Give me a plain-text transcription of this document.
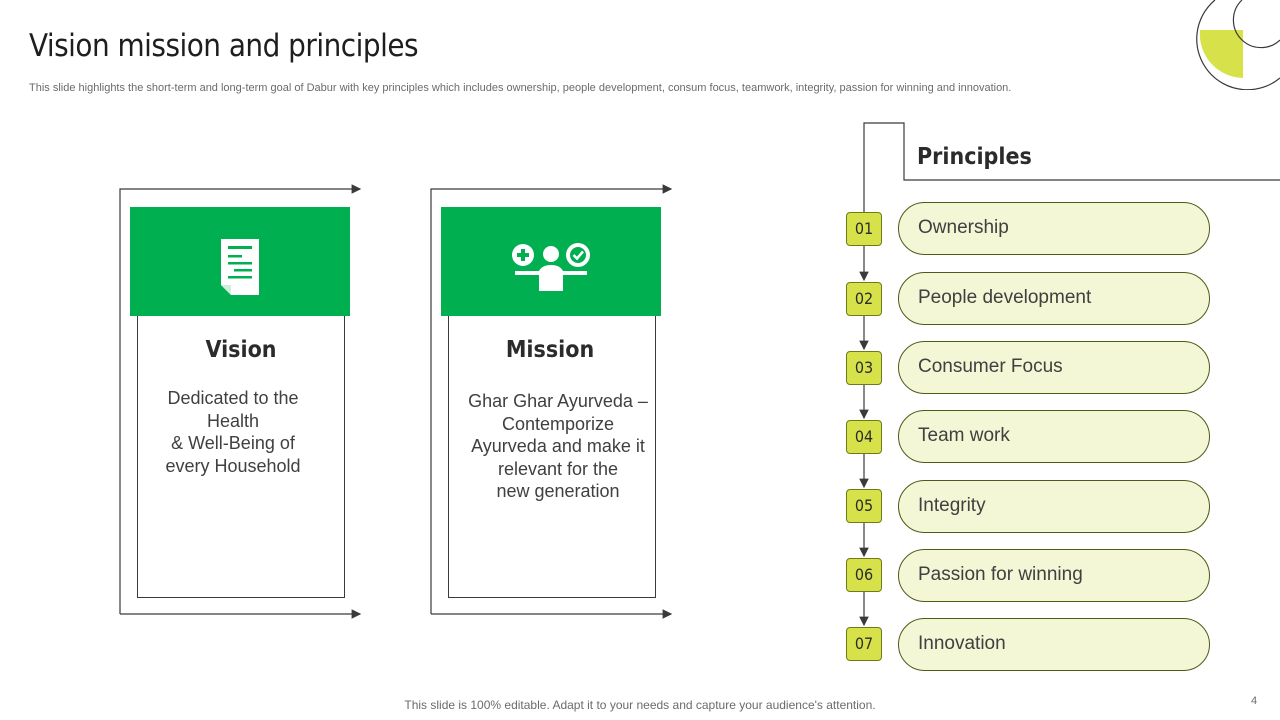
Vision mission and principles
This slide highlights the short-term and long-term goal of Dabur with key principles which includes ownership, people development, consum focus, teamwork, integrity, passion for winning and innovation.
Vision
Dedicated to the
Health
& Well-Being of
every Household
Mission
Ghar Ghar Ayurveda –
Contemporize
Ayurveda and make it
relevant for the
new generation
Principles
01	Ownership
02	People development
03	Consumer Focus
04	Team work
05	Integrity
06	Passion for winning
07	Innovation
This slide is 100% editable. Adapt it to your needs and capture your audience's attention.	4
